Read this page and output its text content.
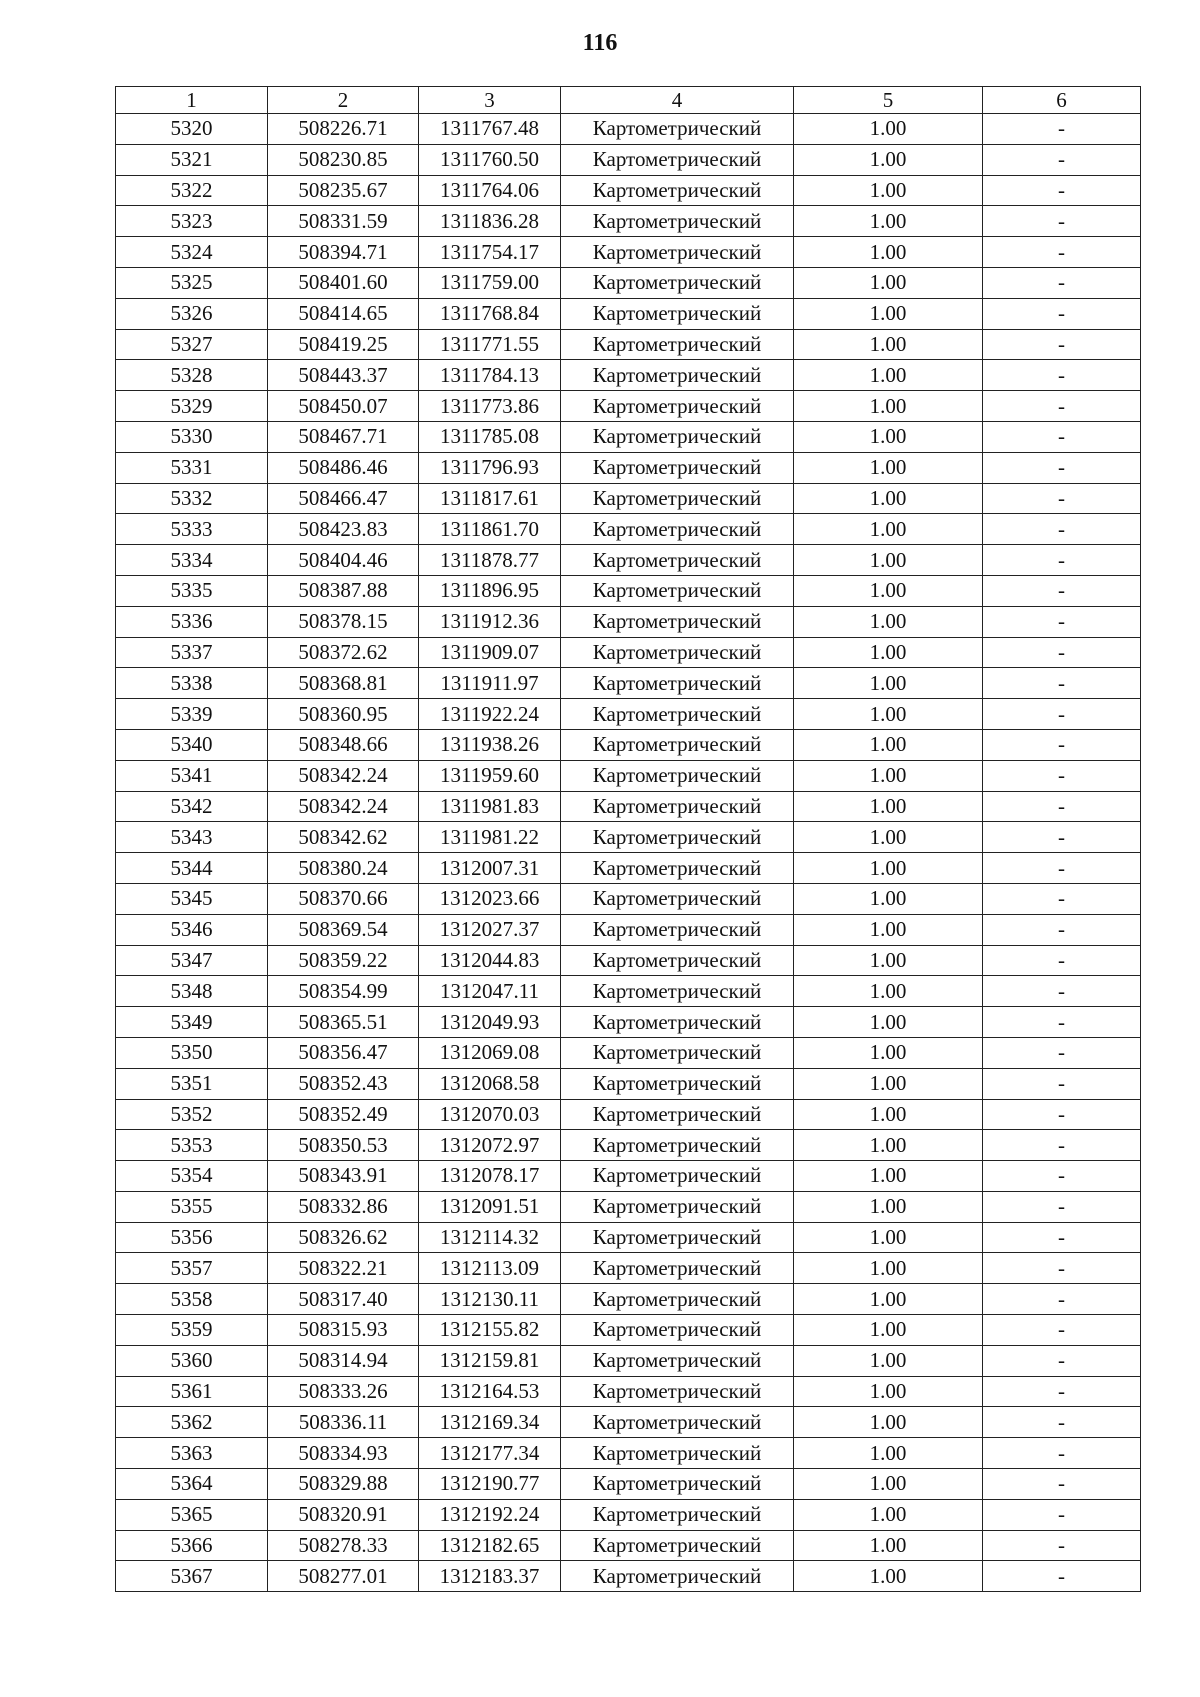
116
1	2	3	4	5	6
5320	508226.71	1311767.48	Картометрический	1.00	-
5321	508230.85	1311760.50	Картометрический	1.00	-
5322	508235.67	1311764.06	Картометрический	1.00	-
5323	508331.59	1311836.28	Картометрический	1.00	-
5324	508394.71	1311754.17	Картометрический	1.00	-
5325	508401.60	1311759.00	Картометрический	1.00	-
5326	508414.65	1311768.84	Картометрический	1.00	-
5327	508419.25	1311771.55	Картометрический	1.00	-
5328	508443.37	1311784.13	Картометрический	1.00	-
5329	508450.07	1311773.86	Картометрический	1.00	-
5330	508467.71	1311785.08	Картометрический	1.00	-
5331	508486.46	1311796.93	Картометрический	1.00	-
5332	508466.47	1311817.61	Картометрический	1.00	-
5333	508423.83	1311861.70	Картометрический	1.00	-
5334	508404.46	1311878.77	Картометрический	1.00	-
5335	508387.88	1311896.95	Картометрический	1.00	-
5336	508378.15	1311912.36	Картометрический	1.00	-
5337	508372.62	1311909.07	Картометрический	1.00	-
5338	508368.81	1311911.97	Картометрический	1.00	-
5339	508360.95	1311922.24	Картометрический	1.00	-
5340	508348.66	1311938.26	Картометрический	1.00	-
5341	508342.24	1311959.60	Картометрический	1.00	-
5342	508342.24	1311981.83	Картометрический	1.00	-
5343	508342.62	1311981.22	Картометрический	1.00	-
5344	508380.24	1312007.31	Картометрический	1.00	-
5345	508370.66	1312023.66	Картометрический	1.00	-
5346	508369.54	1312027.37	Картометрический	1.00	-
5347	508359.22	1312044.83	Картометрический	1.00	-
5348	508354.99	1312047.11	Картометрический	1.00	-
5349	508365.51	1312049.93	Картометрический	1.00	-
5350	508356.47	1312069.08	Картометрический	1.00	-
5351	508352.43	1312068.58	Картометрический	1.00	-
5352	508352.49	1312070.03	Картометрический	1.00	-
5353	508350.53	1312072.97	Картометрический	1.00	-
5354	508343.91	1312078.17	Картометрический	1.00	-
5355	508332.86	1312091.51	Картометрический	1.00	-
5356	508326.62	1312114.32	Картометрический	1.00	-
5357	508322.21	1312113.09	Картометрический	1.00	-
5358	508317.40	1312130.11	Картометрический	1.00	-
5359	508315.93	1312155.82	Картометрический	1.00	-
5360	508314.94	1312159.81	Картометрический	1.00	-
5361	508333.26	1312164.53	Картометрический	1.00	-
5362	508336.11	1312169.34	Картометрический	1.00	-
5363	508334.93	1312177.34	Картометрический	1.00	-
5364	508329.88	1312190.77	Картометрический	1.00	-
5365	508320.91	1312192.24	Картометрический	1.00	-
5366	508278.33	1312182.65	Картометрический	1.00	-
5367	508277.01	1312183.37	Картометрический	1.00	-
